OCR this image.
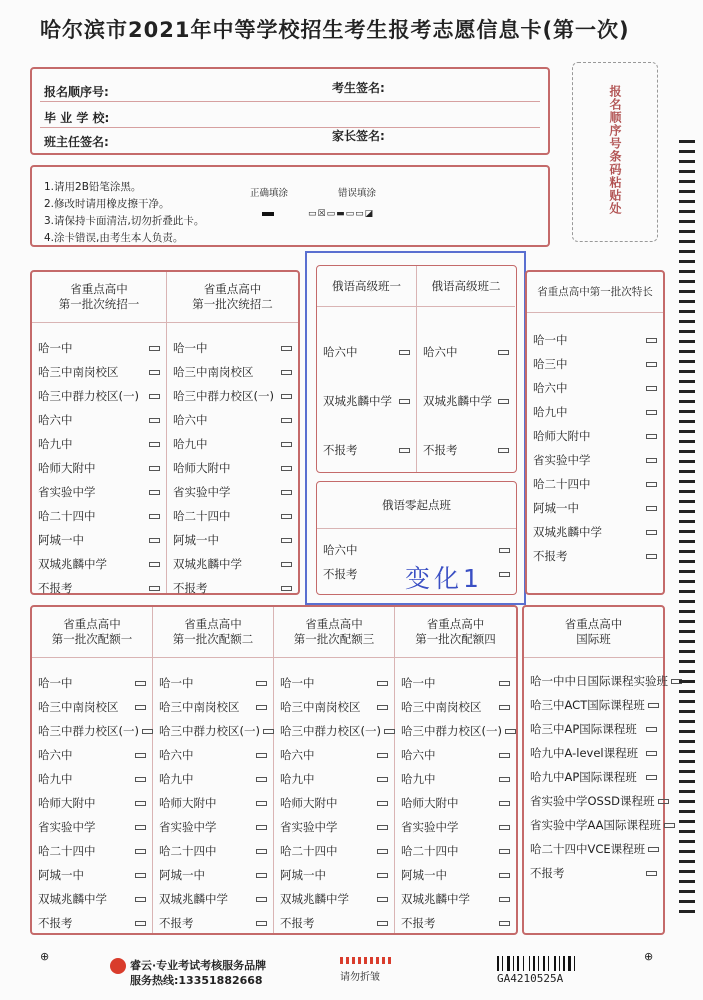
哈尔滨市2021年中等学校招生考生报考志愿信息卡(第一次)
报名顺序号:	考生签名:
毕 业 学 校:
班主任签名:	家长签名:	报名顺序号条码粘贴处
1.请用2B铅笔涂黑。
2.修改时请用橡皮擦干净。
3.请保持卡面清洁,切勿折叠此卡。
4.涂卡错误,由考生本人负责。
正确填涂	错误填涂
▭☒▭▬▭▭◪
省重点高中
第一批次统招一
哈一中
哈三中南岗校区
哈三中群力校区(一)
哈六中
哈九中
哈师大附中
省实验中学
哈二十四中
阿城一中
双城兆麟中学
不报考
省重点高中
第一批次统招二
哈一中
哈三中南岗校区
哈三中群力校区(一)
哈六中
哈九中
哈师大附中
省实验中学
哈二十四中
阿城一中
双城兆麟中学
不报考
俄语高级班一
哈六中
双城兆麟中学
不报考
俄语高级班二
哈六中
双城兆麟中学
不报考
俄语零起点班
哈六中
不报考 变化1
省重点高中第一批次特长
哈一中
哈三中
哈六中
哈九中
哈师大附中
省实验中学
哈二十四中
阿城一中
双城兆麟中学
不报考
省重点高中
第一批次配额一
哈一中
哈三中南岗校区
哈三中群力校区(一)
哈六中
哈九中
哈师大附中
省实验中学
哈二十四中
阿城一中
双城兆麟中学
不报考
省重点高中
第一批次配额二
哈一中
哈三中南岗校区
哈三中群力校区(一)
哈六中
哈九中
哈师大附中
省实验中学
哈二十四中
阿城一中
双城兆麟中学
不报考
省重点高中
第一批次配额三
哈一中
哈三中南岗校区
哈三中群力校区(一)
哈六中
哈九中
哈师大附中
省实验中学
哈二十四中
阿城一中
双城兆麟中学
不报考
省重点高中
第一批次配额四
哈一中
哈三中南岗校区
哈三中群力校区(一)
哈六中
哈九中
哈师大附中
省实验中学
哈二十四中
阿城一中
双城兆麟中学
不报考
省重点高中
国际班
哈一中中日国际课程实验班
哈三中ACT国际课程班
哈三中AP国际课程班
哈九中A-level课程班
哈九中AP国际课程班
省实验中学OSSD课程班
省实验中学AA国际课程班
哈二十四中VCE课程班
不报考
⊕	⊕
睿云·专业考试考核服务品牌
服务热线:13351882668	请勿折皱	GA4210525A
